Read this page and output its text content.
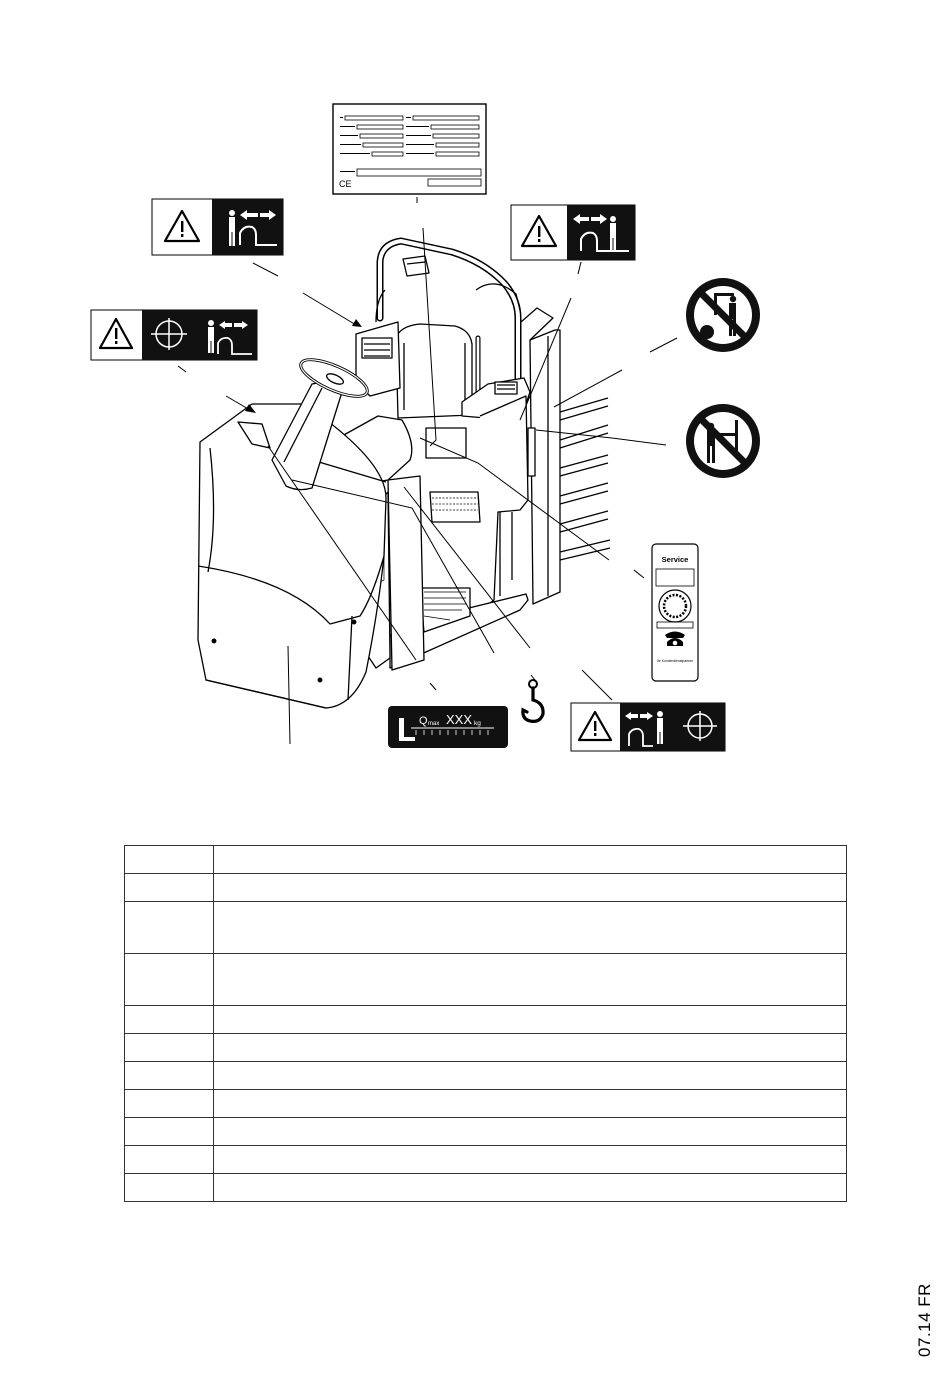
CE
Service
Ihr Kundendienstpartner
Q max XXX kg

07.14 FR
